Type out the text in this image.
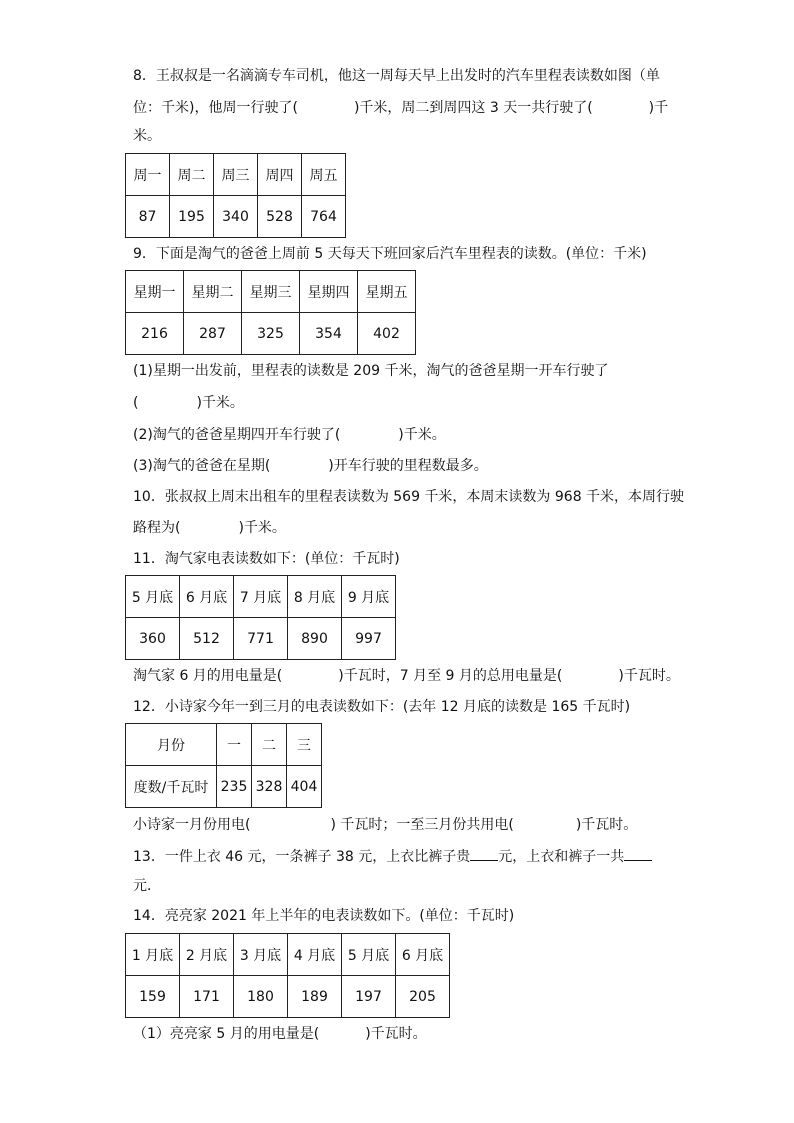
8．王叔叔是一名滴滴专车司机，他这一周每天早上出发时的汽车里程表读数如图（单
位：千米)，他周一行驶了(	)千米，周二到周四这 3 天一共行驶了(	)千
米。
周一	周二	周三	周四	周五
87	195	340	528	764
9．下面是淘气的爸爸上周前 5 天每天下班回家后汽车里程表的读数。(单位：千米)
星期一	星期二	星期三	星期四	星期五
216	287	325	354	402
(1)星期一出发前，里程表的读数是 209 千米，淘气的爸爸星期一开车行驶了
(	)千米。
(2)淘气的爸爸星期四开车行驶了(	)千米。
(3)淘气的爸爸在星期(	)开车行驶的里程数最多。
10．张叔叔上周末出租车的里程表读数为 569 千米，本周末读数为 968 千米，本周行驶
路程为(	)千米。
11．淘气家电表读数如下：(单位：千瓦时)
5 月底	6 月底	7 月底	8 月底	9 月底
360	512	771	890	997
淘气家 6 月的用电量是(	)千瓦时，7 月至 9 月的总用电量是(	)千瓦时。
12．小诗家今年一到三月的电表读数如下：(去年 12 月底的读数是 165 千瓦时)
月份	一	二	三
度数/千瓦时	235	328	404
小诗家一月份用电(	) 千瓦时；一至三月份共用电(	)千瓦时。
13．一件上衣 46 元，一条裤子 38 元，上衣比裤子贵 元，上衣和裤子一共
元．
14．亮亮家 2021 年上半年的电表读数如下。(单位：千瓦时)
1 月底	2 月底	3 月底	4 月底	5 月底	6 月底
159	171	180	189	197	205
（1）亮亮家 5 月的用电量是(	)千瓦时。
